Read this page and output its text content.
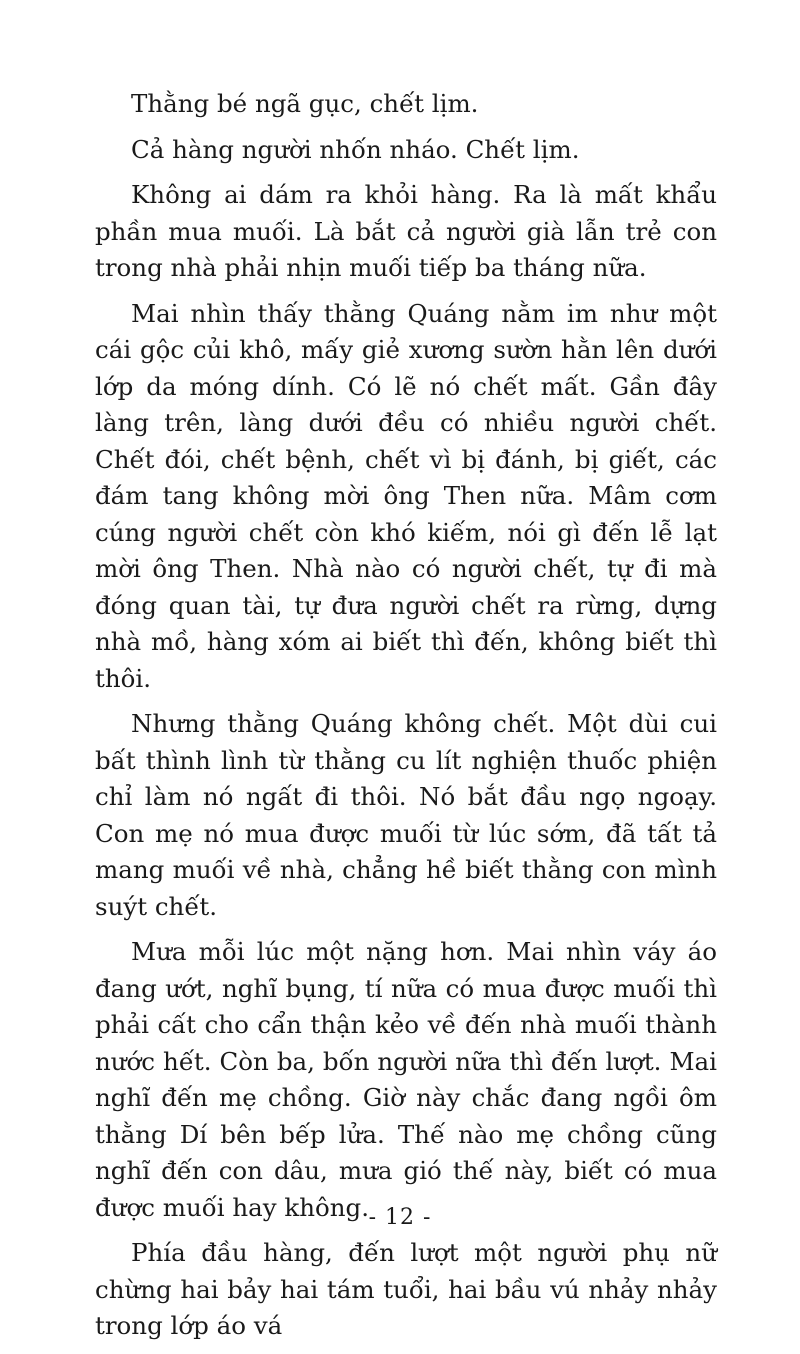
Thằng bé ngã gục, chết lịm.

Cả hàng người nhốn nháo. Chết lịm.

Không ai dám ra khỏi hàng. Ra là mất khẩu phần mua muối. Là bắt cả người già lẫn trẻ con trong nhà phải nhịn muối tiếp ba tháng nữa.

Mai nhìn thấy thằng Quáng nằm im như một cái gộc củi khô, mấy giẻ xương sườn hằn lên dưới lớp da móng dính. Có lẽ nó chết mất. Gần đây làng trên, làng dưới đều có nhiều người chết. Chết đói, chết bệnh, chết vì bị đánh, bị giết, các đám tang không mời ông Then nữa. Mâm cơm cúng người chết còn khó kiếm, nói gì đến lễ lạt mời ông Then. Nhà nào có người chết, tự đi mà đóng quan tài, tự đưa người chết ra rừng, dựng nhà mồ, hàng xóm ai biết thì đến, không biết thì thôi.

Nhưng thằng Quáng không chết. Một dùi cui bất thình lình từ thằng cu lít nghiện thuốc phiện chỉ làm nó ngất đi thôi. Nó bắt đầu ngọ ngoạy. Con mẹ nó mua được muối từ lúc sớm, đã tất tả mang muối về nhà, chẳng hề biết thằng con mình suýt chết.

Mưa mỗi lúc một nặng hơn. Mai nhìn váy áo đang ướt, nghĩ bụng, tí nữa có mua được muối thì phải cất cho cẩn thận kẻo về đến nhà muối thành nước hết. Còn ba, bốn người nữa thì đến lượt. Mai nghĩ đến mẹ chồng. Giờ này chắc đang ngồi ôm thằng Dí bên bếp lửa. Thế nào mẹ chồng cũng nghĩ đến con dâu, mưa gió thế này, biết có mua được muối hay không.

Phía đầu hàng, đến lượt một người phụ nữ chừng hai bảy hai tám tuổi, hai bầu vú nhảy nhảy trong lớp áo vá

- 12 -
